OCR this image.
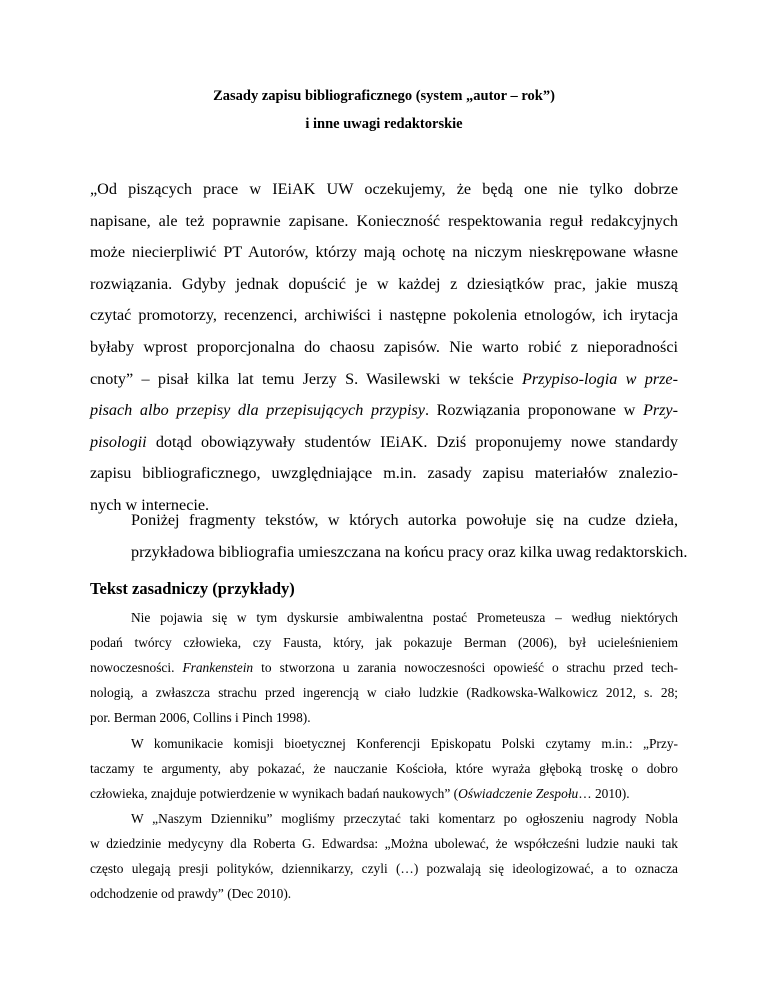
Zasady zapisu bibliograficznego (system „autor – rok”)

i inne uwagi redaktorskie

„Od piszących prace w IEiAK UW oczekujemy, że będą one nie tylko dobrze
napisane, ale też poprawnie zapisane. Konieczność respektowania reguł redakcyjnych
może niecierpliwić PT Autorów, którzy mają ochotę na niczym nieskrępowane własne
rozwiązania. Gdyby jednak dopuścić je w każdej z dziesiątków prac, jakie muszą
czytać promotorzy, recenzenci, archiwiści i następne pokolenia etnologów, ich irytacja
byłaby wprost proporcjonalna do chaosu zapisów. Nie warto robić z nieporadności
cnoty” – pisał kilka lat temu Jerzy S. Wasilewski w tekście Przypiso-logia w prze-
pisach albo przepisy dla przepisujących przypisy. Rozwiązania proponowane w Przy-
pisologii dotąd obowiązywały studentów IEiAK. Dziś proponujemy nowe standardy
zapisu bibliograficznego, uwzględniające m.in. zasady zapisu materiałów znalezio-
nych w internecie.
Poniżej fragmenty tekstów, w których autorka powołuje się na cudze dzieła,
przykładowa bibliografia umieszczana na końcu pracy oraz kilka uwag redaktorskich.
Tekst zasadniczy (przykłady)
Nie pojawia się w tym dyskursie ambiwalentna postać Prometeusza – według niektórych
podań twórcy człowieka, czy Fausta, który, jak pokazuje Berman (2006), był ucieleśnieniem
nowoczesności. Frankenstein to stworzona u zarania nowoczesności opowieść o strachu przed tech-
nologią, a zwłaszcza strachu przed ingerencją w ciało ludzkie (Radkowska-Walkowicz 2012, s. 28;
por. Berman 2006, Collins i Pinch 1998).
W komunikacie komisji bioetycznej Konferencji Episkopatu Polski czytamy m.in.: „Przy-
taczamy te argumenty, aby pokazać, że nauczanie Kościoła, które wyraża głęboką troskę o dobro
człowieka, znajduje potwierdzenie w wynikach badań naukowych” (Oświadczenie Zespołu… 2010).
W „Naszym Dzienniku” mogliśmy przeczytać taki komentarz po ogłoszeniu nagrody Nobla
w dziedzinie medycyny dla Roberta G. Edwardsa: „Można ubolewać, że współcześni ludzie nauki tak
często ulegają presji polityków, dziennikarzy, czyli (…) pozwalają się ideologizować, a to oznacza
odchodzenie od prawdy” (Dec 2010).
